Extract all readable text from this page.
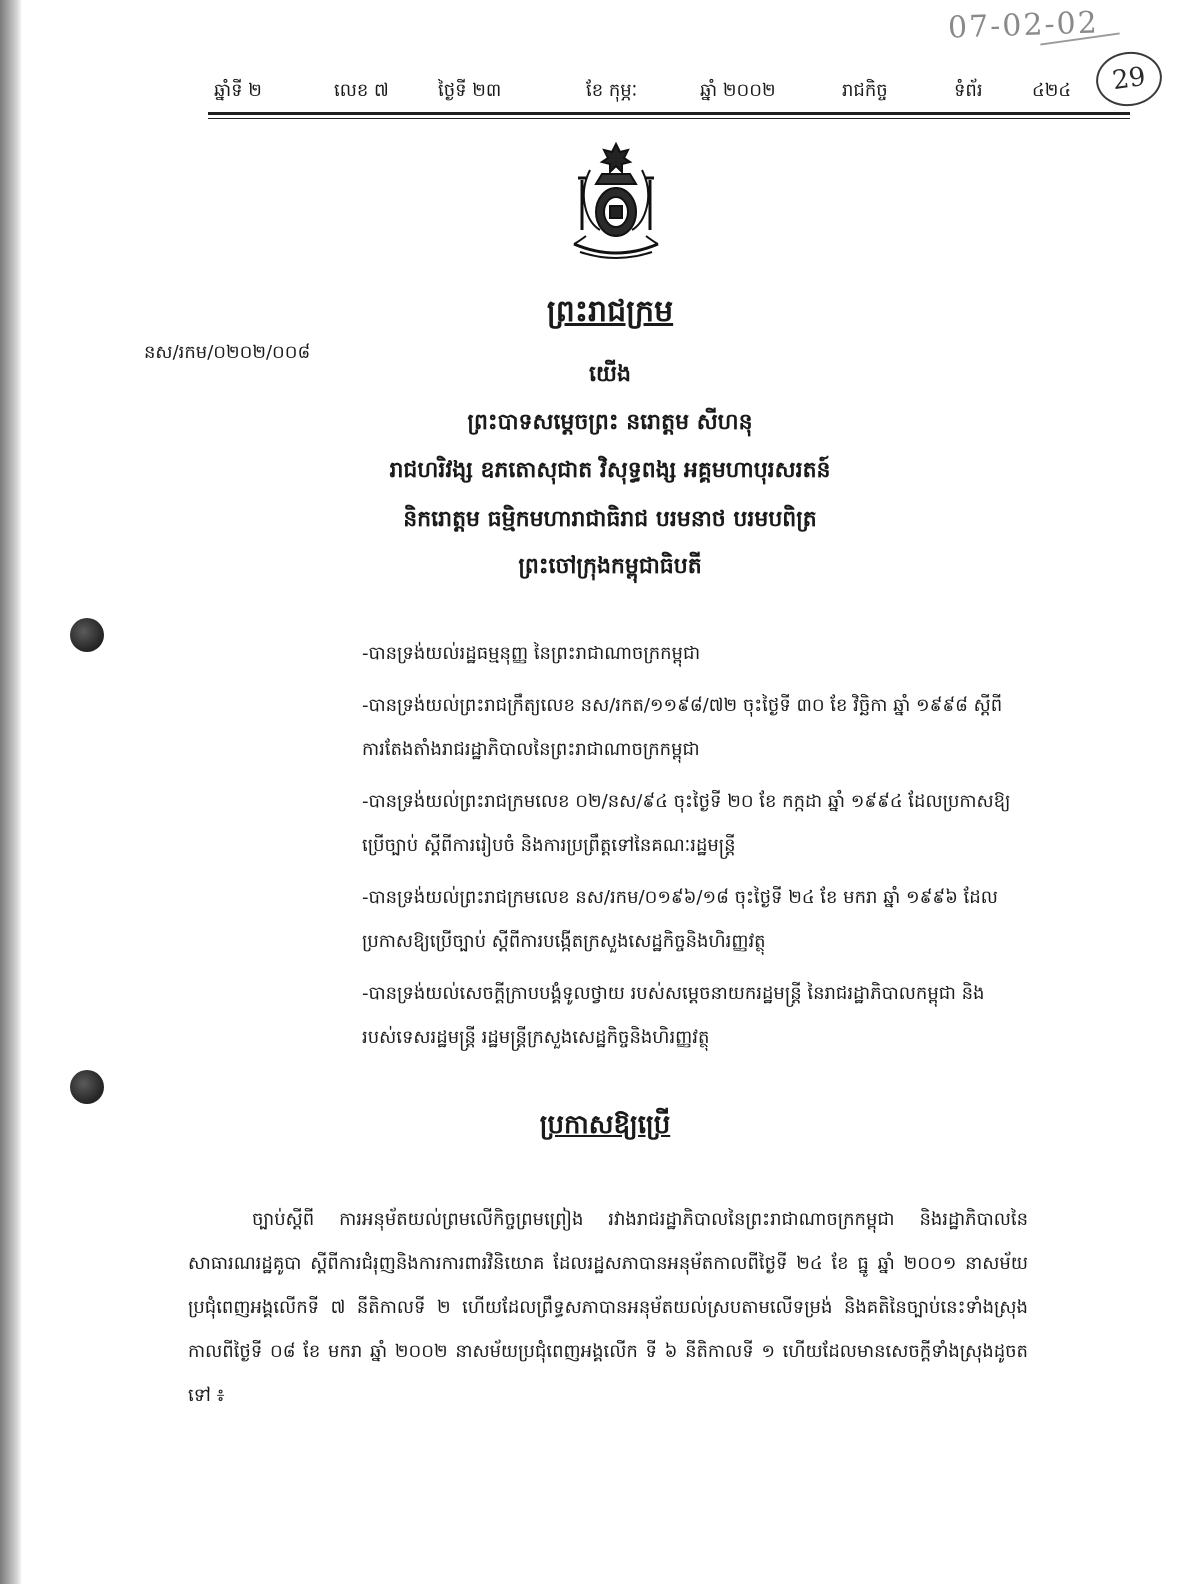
07-02-02
29
ឆ្នាំទី ២	លេខ ៧	ថ្ងៃទី ២៣	ខែ កុម្ភៈ	ឆ្នាំ ២០០២	រាជកិច្ច	ទំព័រ	៤២៤
ព្រះរាជក្រម
នស/រកម/០២០២/០០៨
យើង
ព្រះបាទសម្តេចព្រះ នរោត្តម សីហនុ
រាជហរិវង្ស ឧភតោសុជាត វិសុទ្ធពង្ស អគ្គមហាបុរសរតន៍
និករោត្តម ធម្មិកមហារាជាធិរាជ បរមនាថ បរមបពិត្រ
ព្រះចៅក្រុងកម្ពុជាធិបតី

-បានទ្រង់យល់រដ្ឋធម្មនុញ្ញ នៃព្រះរាជាណាចក្រកម្ពុជា

-បានទ្រង់យល់ព្រះរាជក្រឹត្យលេខ នស/រកត/១១៩៨/៧២ ចុះថ្ងៃទី ៣០ ខែ វិច្ឆិកា ឆ្នាំ ១៩៩៨ ស្តីពីការតែងតាំងរាជរដ្ឋាភិបាលនៃព្រះរាជាណាចក្រកម្ពុជា

-បានទ្រង់យល់ព្រះរាជក្រមលេខ ០២/នស/៩៤ ចុះថ្ងៃទី ២០ ខែ កក្កដា ឆ្នាំ ១៩៩៤ ដែលប្រកាសឱ្យប្រើច្បាប់ ស្តីពីការរៀបចំ និងការប្រព្រឹត្តទៅនៃគណៈរដ្ឋមន្ត្រី

-បានទ្រង់យល់ព្រះរាជក្រមលេខ នស/រកម/០១៩៦/១៨ ចុះថ្ងៃទី ២៤ ខែ មករា ឆ្នាំ ១៩៩៦ ដែលប្រកាសឱ្យប្រើច្បាប់ ស្តីពីការបង្កើតក្រសួងសេដ្ឋកិច្ចនិងហិរញ្ញវត្ថុ

-បានទ្រង់យល់សេចក្តីក្រាបបង្គំទូលថ្វាយ របស់សម្តេចនាយករដ្ឋមន្ត្រី នៃរាជរដ្ឋាភិបាលកម្ពុជា និងរបស់ទេសរដ្ឋមន្ត្រី រដ្ឋមន្ត្រីក្រសួងសេដ្ឋកិច្ចនិងហិរញ្ញវត្ថុ

ប្រកាសឱ្យប្រើ

ច្បាប់ស្តីពី ការអនុម័តយល់ព្រមលើកិច្ចព្រមព្រៀង រវាងរាជរដ្ឋាភិបាលនៃព្រះរាជាណាចក្រកម្ពុជា និងរដ្ឋាភិបាលនៃសាធារណរដ្ឋគូបា ស្តីពីការជំរុញនិងការការពារវិនិយោគ ដែលរដ្ឋសភាបានអនុម័តកាលពីថ្ងៃទី ២៤ ខែ ធ្នូ ឆ្នាំ ២០០១ នាសម័យប្រជុំពេញអង្គលើកទី ៧ នីតិកាលទី ២ ហើយដែលព្រឹទ្ធសភាបានអនុម័តយល់ស្របតាមលើទម្រង់ និងគតិនៃច្បាប់នេះទាំងស្រុងកាលពីថ្ងៃទី ០៨ ខែ មករា ឆ្នាំ ២០០២ នាសម័យប្រជុំពេញអង្គលើក ទី ៦ នីតិកាលទី ១ ហើយដែលមានសេចក្តីទាំងស្រុងដូចតទៅ ៖
